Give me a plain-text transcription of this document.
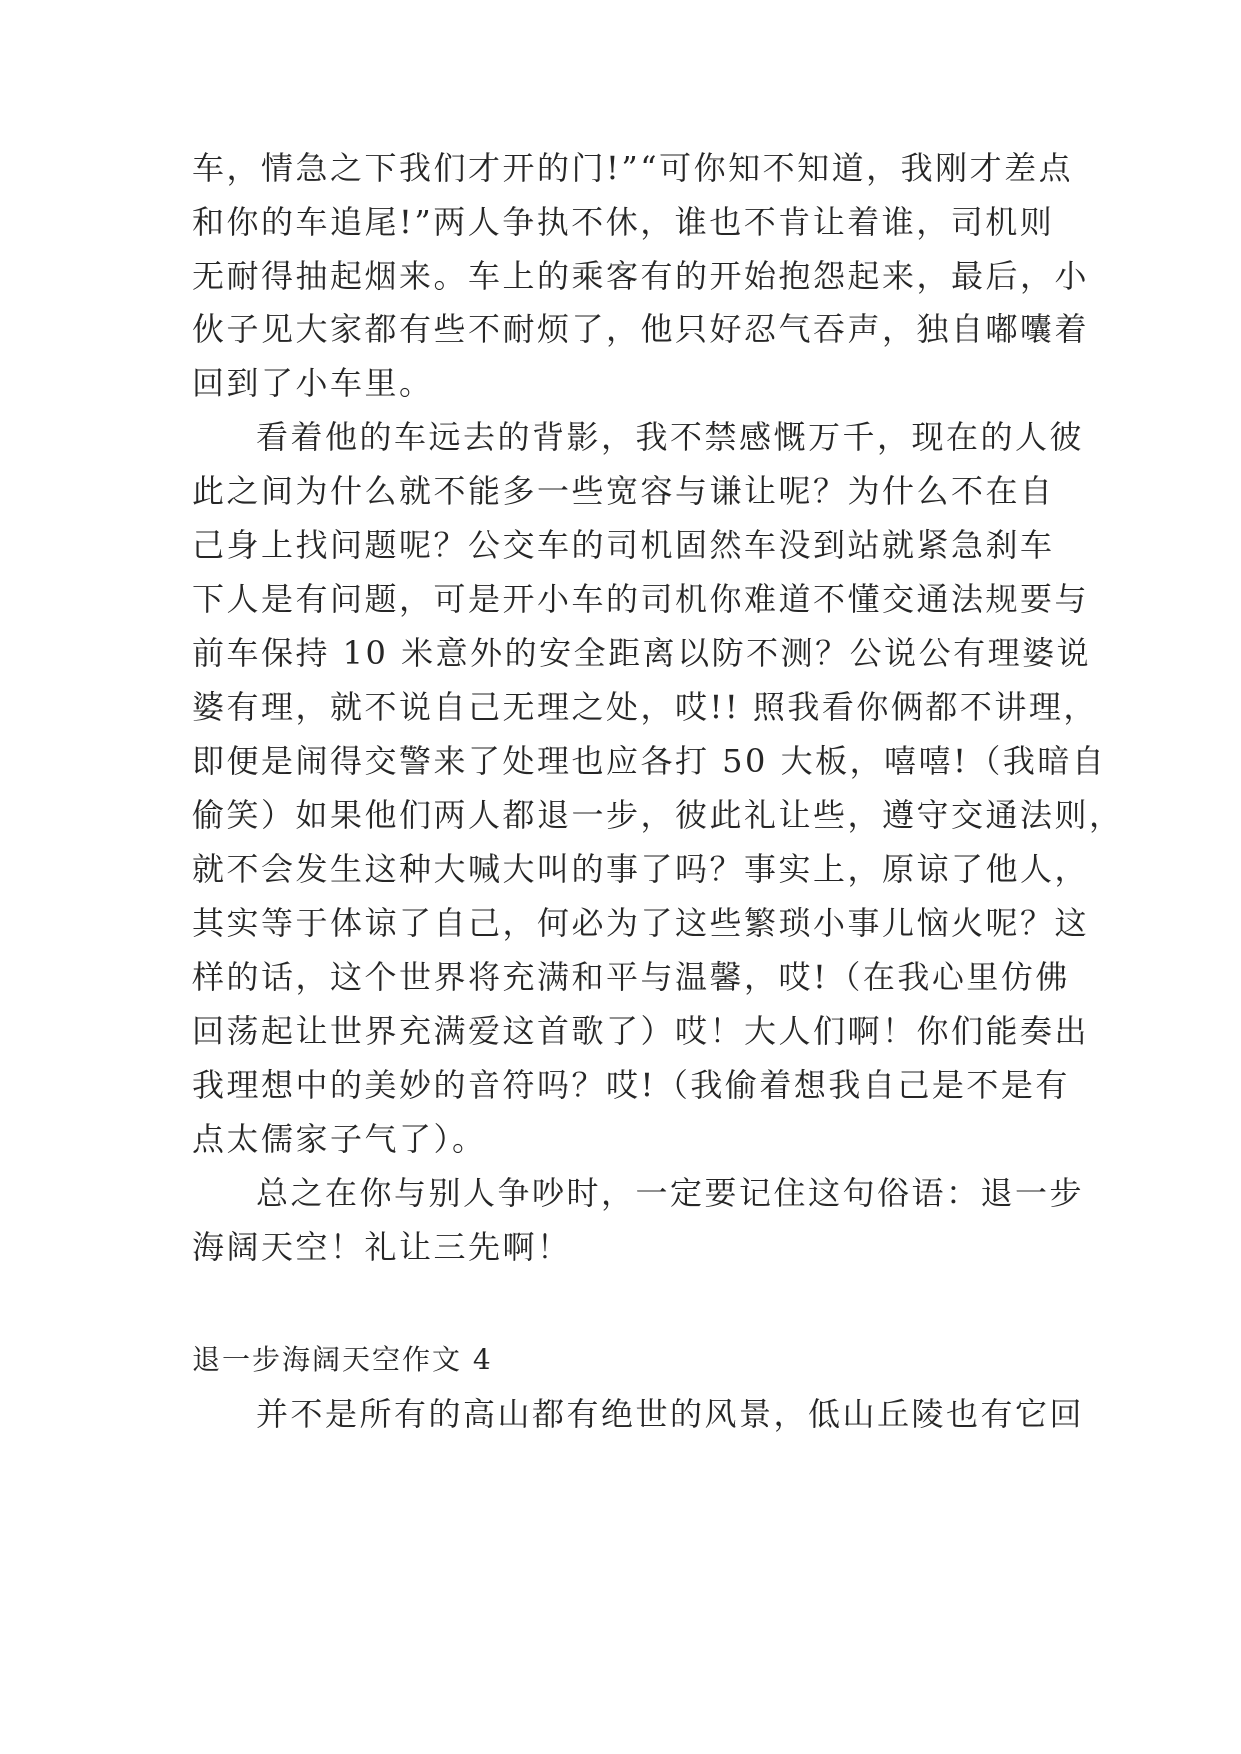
车，情急之下我们才开的门!”“可你知不知道，我刚才差点
和你的车追尾!”两人争执不休，谁也不肯让着谁，司机则
无耐得抽起烟来。车上的乘客有的开始抱怨起来，最后，小
伙子见大家都有些不耐烦了，他只好忍气吞声，独自嘟囔着
回到了小车里。
看着他的车远去的背影，我不禁感慨万千，现在的人彼
此之间为什么就不能多一些宽容与谦让呢？为什么不在自
己身上找问题呢？公交车的司机固然车没到站就紧急刹车
下人是有问题，可是开小车的司机你难道不懂交通法规要与
前车保持 10 米意外的安全距离以防不测？公说公有理婆说
婆有理，就不说自己无理之处，哎!! 照我看你俩都不讲理，
即便是闹得交警来了处理也应各打 50 大板，嘻嘻!（我暗自
偷笑）如果他们两人都退一步，彼此礼让些，遵守交通法则，
就不会发生这种大喊大叫的事了吗？事实上，原谅了他人，
其实等于体谅了自己，何必为了这些繁琐小事儿恼火呢？这
样的话，这个世界将充满和平与温馨，哎!（在我心里仿佛
回荡起让世界充满爱这首歌了）哎！大人们啊！你们能奏出
我理想中的美妙的音符吗？哎!（我偷着想我自己是不是有
点太儒家子气了）。
总之在你与别人争吵时，一定要记住这句俗语：退一步
海阔天空！礼让三先啊！
退一步海阔天空作文 4
并不是所有的高山都有绝世的风景，低山丘陵也有它回
